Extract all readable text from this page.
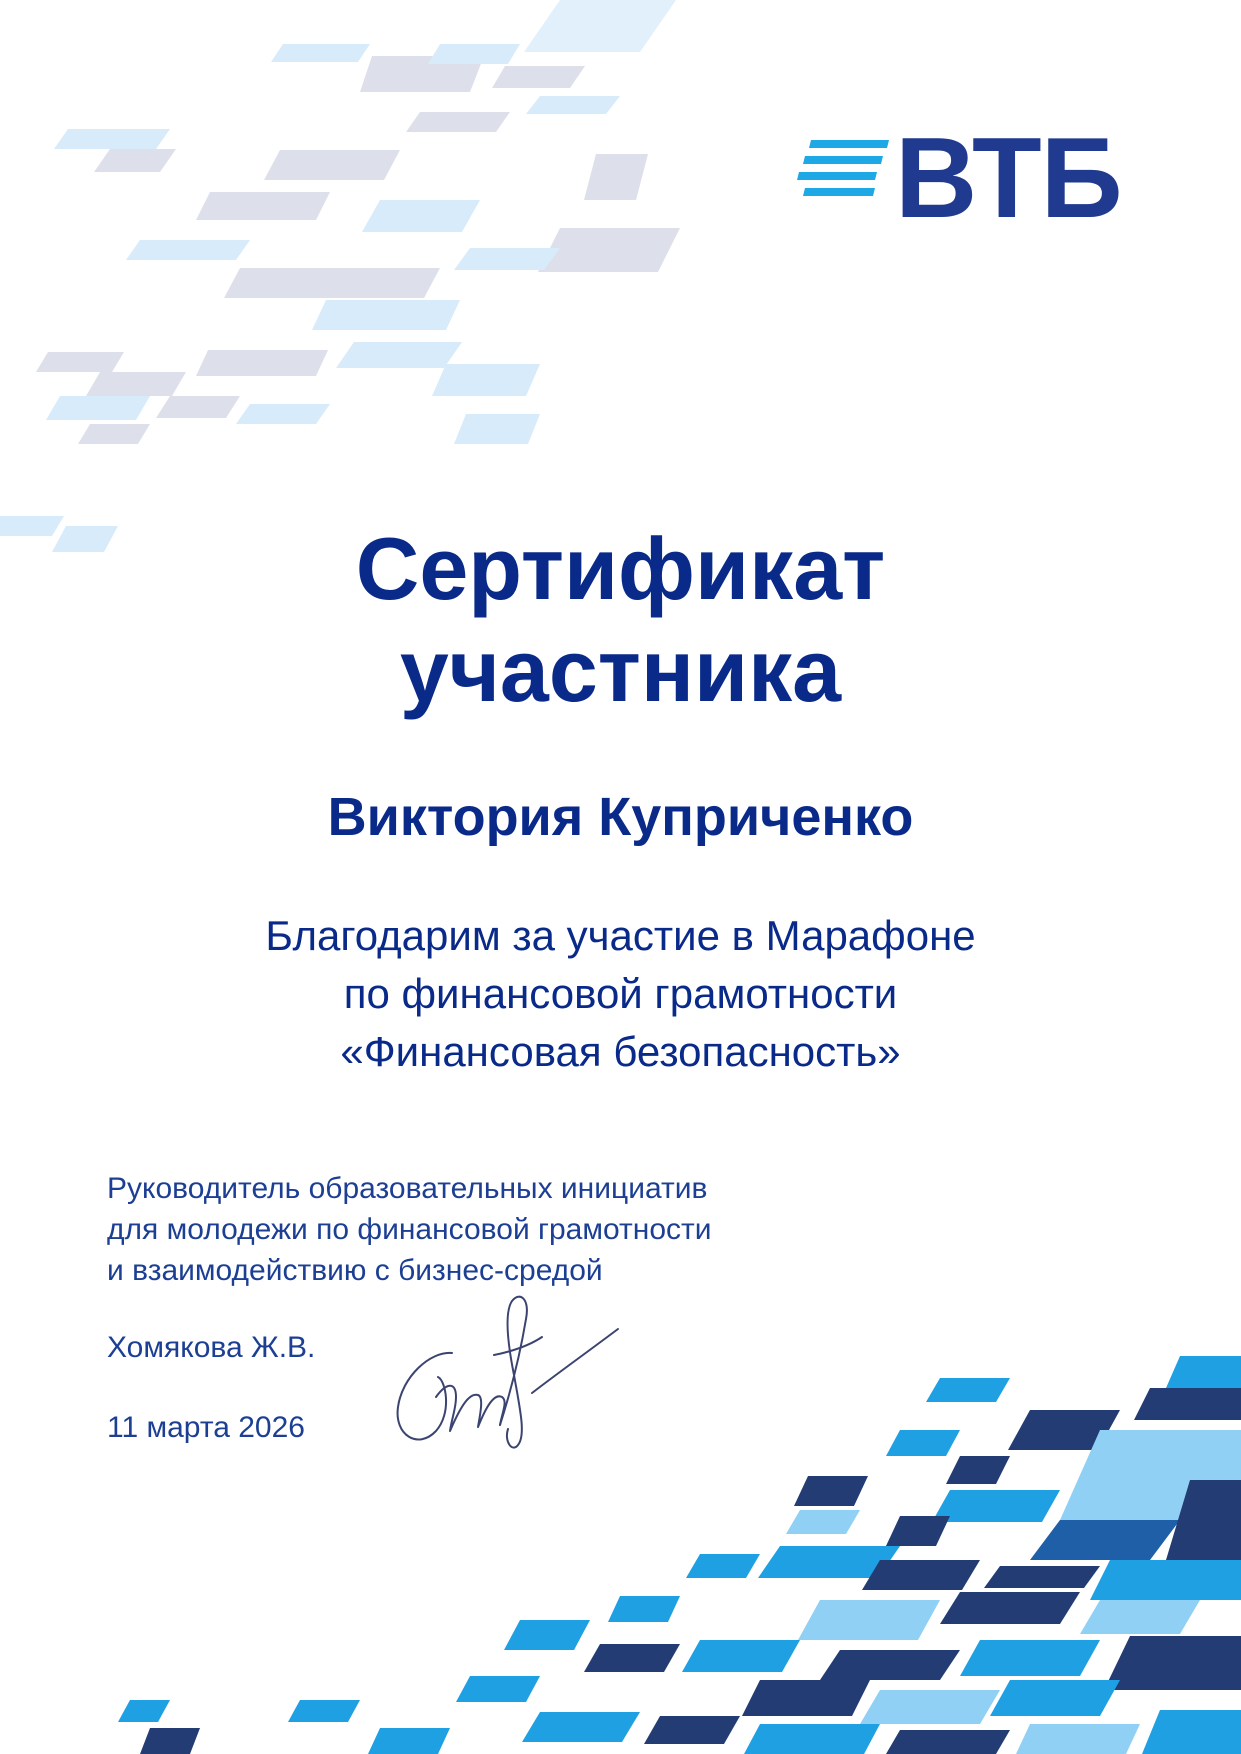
ВТБ
Сертификат
участника
Виктория Куприченко
Благодарим за участие в Марафоне
по финансовой грамотности
«Финансовая безопасность»
Руководитель образовательных инициатив
для молодежи по финансовой грамотности
и взаимодействию с бизнес-средой
Хомякова Ж.В.
11 марта 2026
